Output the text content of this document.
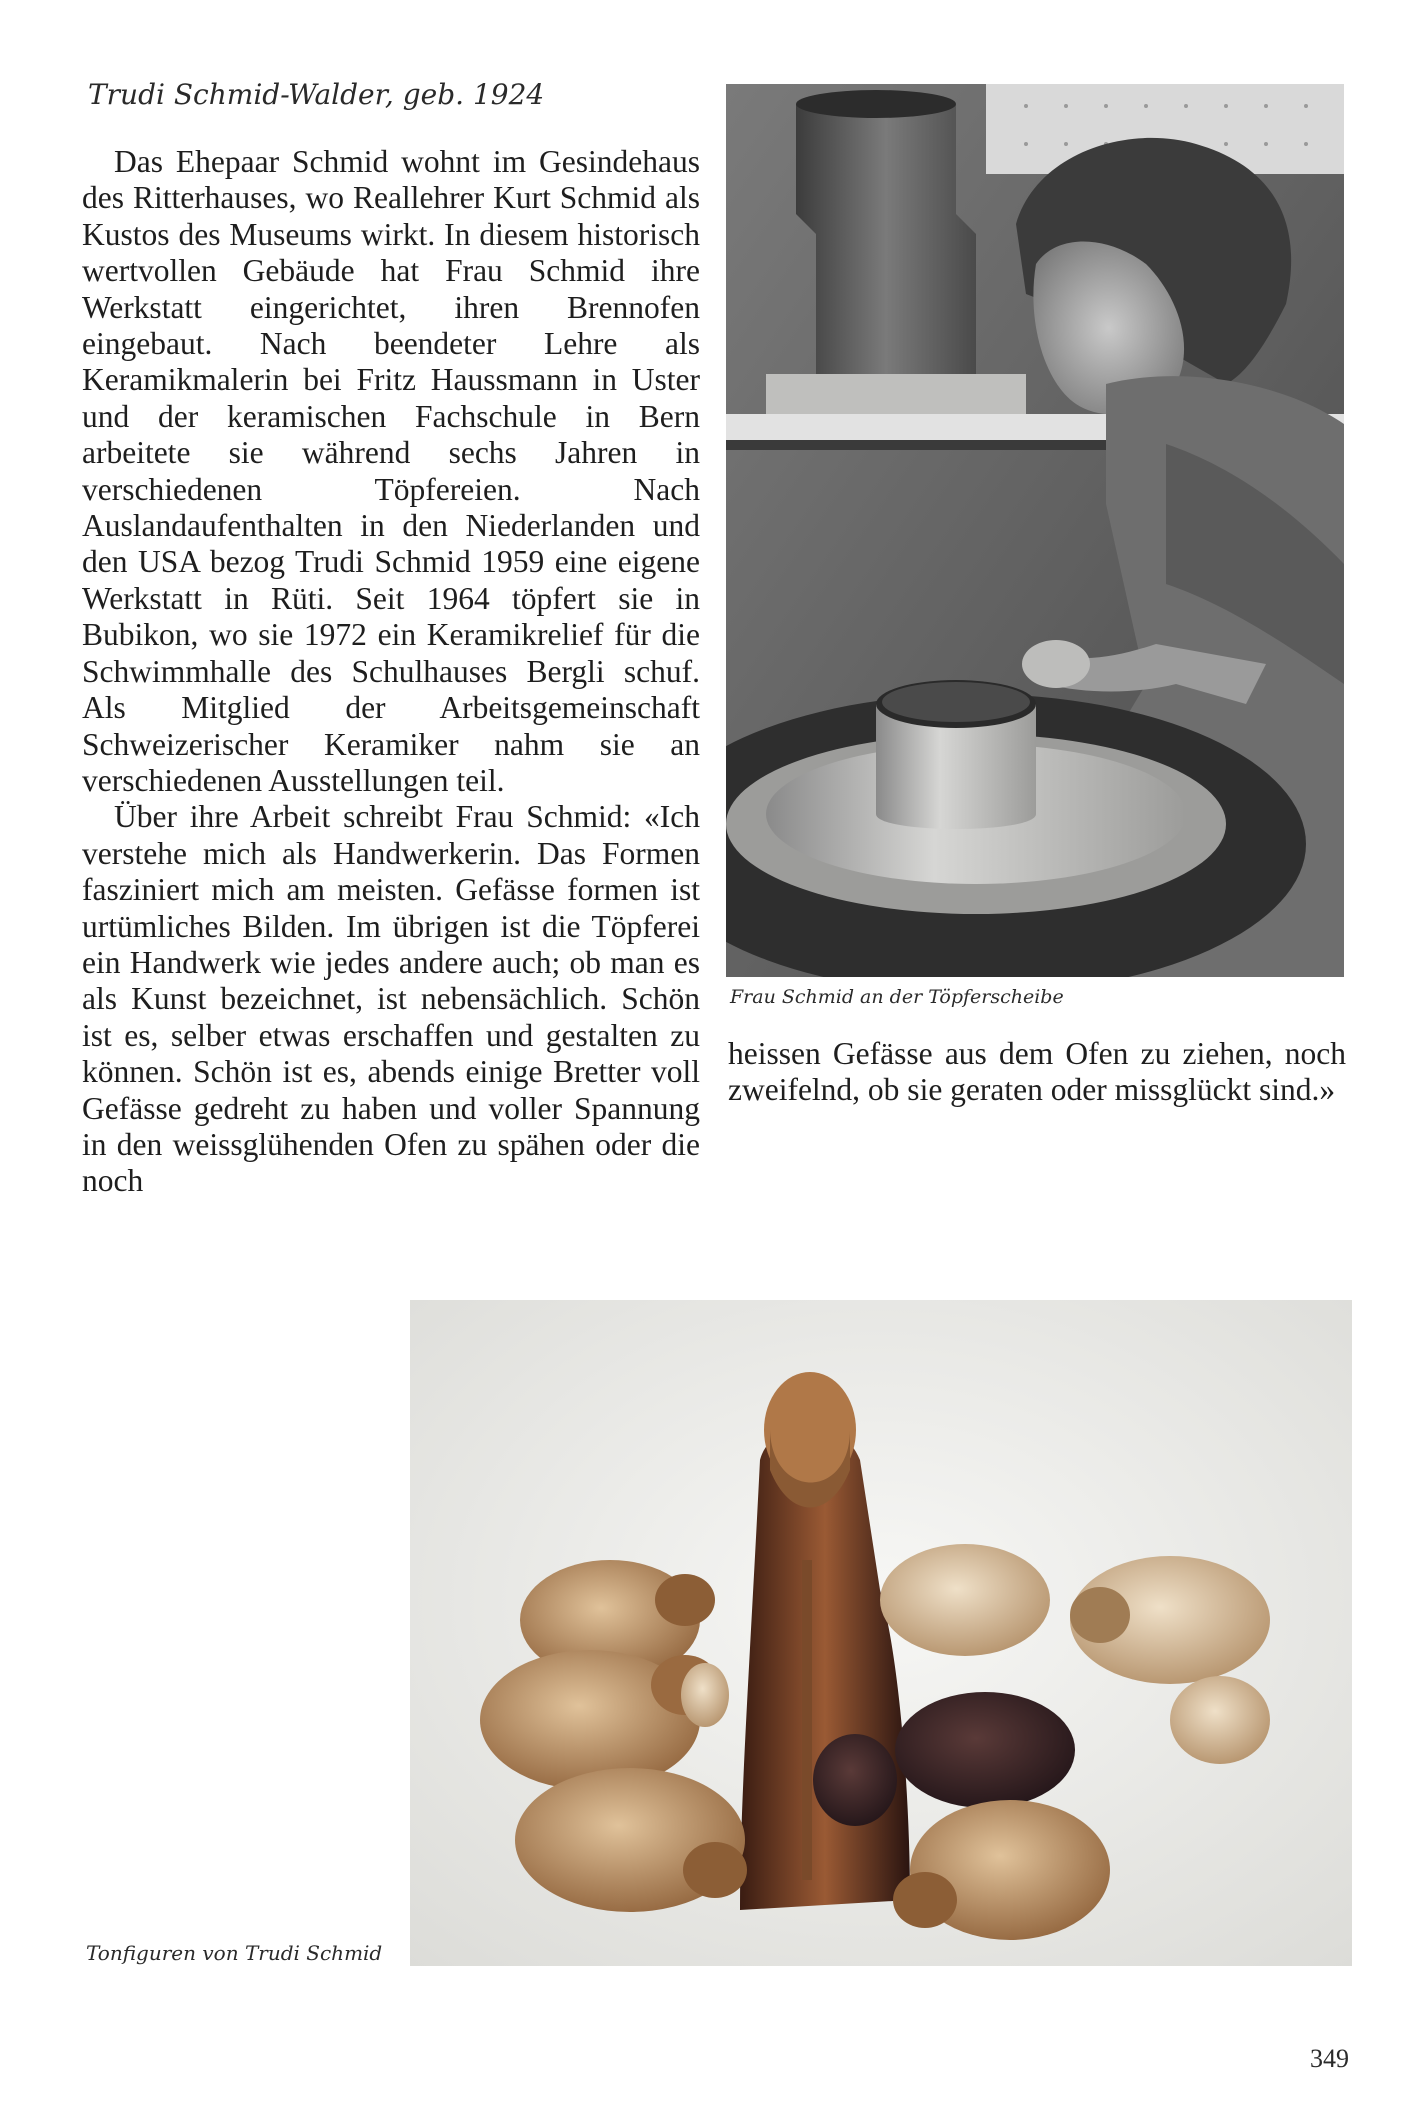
Trudi Schmid-Walder, geb. 1924

Das Ehepaar Schmid wohnt im Gesindehaus des Ritterhauses, wo Reallehrer Kurt Schmid als Kustos des Museums wirkt. In diesem historisch wertvollen Gebäude hat Frau Schmid ihre Werkstatt eingerichtet, ihren Brennofen eingebaut. Nach beendeter Lehre als Keramikmalerin bei Fritz Haussmann in Uster und der keramischen Fachschule in Bern arbeitete sie während sechs Jahren in verschiedenen Töpfereien. Nach Auslandaufenthalten in den Niederlanden und den USA bezog Trudi Schmid 1959 eine eigene Werkstatt in Rüti. Seit 1964 töpfert sie in Bubikon, wo sie 1972 ein Keramikrelief für die Schwimmhalle des Schulhauses Bergli schuf. Als Mitglied der Arbeitsgemeinschaft Schweizerischer Keramiker nahm sie an verschiedenen Ausstellungen teil.

Über ihre Arbeit schreibt Frau Schmid: «Ich verstehe mich als Handwerkerin. Das Formen fasziniert mich am meisten. Gefässe formen ist urtümliches Bilden. Im übrigen ist die Töpferei ein Handwerk wie jedes andere auch; ob man es als Kunst bezeichnet, ist nebensächlich. Schön ist es, selber etwas erschaffen und gestalten zu können. Schön ist es, abends einige Bretter voll Gefässe gedreht zu haben und voller Spannung in den weissglühenden Ofen zu spähen oder die noch

Frau Schmid an der Töpferscheibe

heissen Gefässe aus dem Ofen zu ziehen, noch zweifelnd, ob sie geraten oder missglückt sind.»

Tonfiguren von Trudi Schmid
349
